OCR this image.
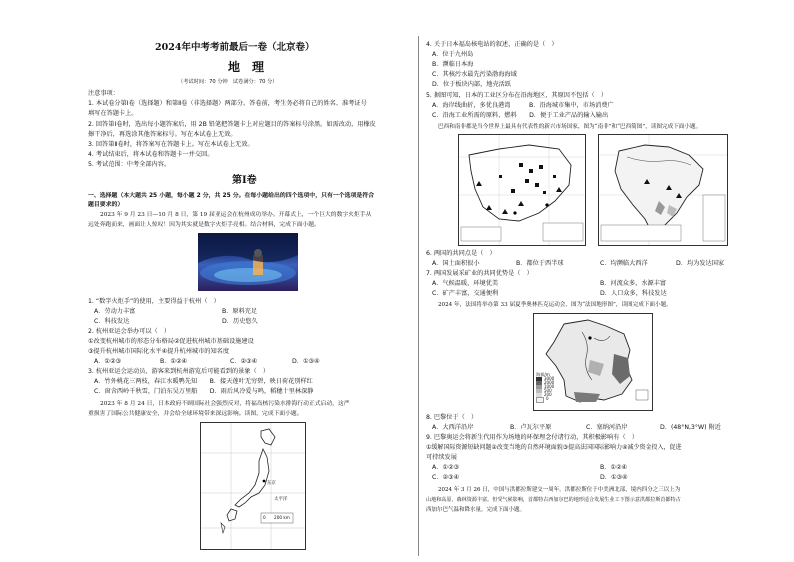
2024年中考考前最后一卷（北京卷）
地　理
（考试时间：70 分钟　试卷满分：70 分）
注意事项：
1. 本试卷分第Ⅰ卷（选择题）和第Ⅱ卷（非选择题）两部分。答卷前，考生务必将自己的姓名、准考证号
填写在答题卡上。
2. 回答第Ⅰ卷时，选出每小题答案后，用 2B 铅笔把答题卡上对应题目的答案标号涂黑。如需改动，用橡皮
擦干净后，再选涂其他答案标号。写在本试卷上无效。
3. 回答第Ⅱ卷时，将答案写在答题卡上。写在本试卷上无效。
4. 考试结束后，将本试卷和答题卡一并交回。
5. 考试范围：中考全部内容。
第Ⅰ卷
一、选择题（本大题共 25 小题，每小题 2 分，共 25 分。在每小题给出的四个选项中，只有一个选项是符合
题目要求的）
2023 年 9 月 23 日—10 月 8 日，第 19 届亚运会在杭州成功举办。开幕式上，一个巨大的数字火炬手从
远处奔跑而来，画面让人惊叹！因为其实就是数字火炬手亮相。结合材料，完成下面小题。
1. “数字火炬手”的使用，主要得益于杭州（　）
A．劳动力丰富	B．原料充足
C．科技发达	D．历史悠久
2. 杭州亚运会举办可以（　）
①改变杭州城市的形态分布格局②促进杭州城市基础设施建设
③提升杭州城市国际化水平④提升杭州城市的知名度
A．①②③	B．①②④	C．②③④	D．①③④
3. 杭州亚运会运动员、游客来到杭州游览后可能看到的景象（　）
A．竹外桃花三两枝，春江水暖鸭先知　　B．接天莲叶无穷碧，映日荷花别样红
C．窗含西岭千秋雪，门泊东吴万里船　　D．雨后风冷爱与鸣，稻穗十里林深静
2023 年 8 月 24 日，日本政府不顾国际社会强烈反对，将福岛核污染水排海行动正式启动，这严
重损害了国际公共健康安全，并会给全球环境带来深远影响。读图，完成下面小题。
东京
太平洋
0　　200 km
4. 关于日本福岛核电站的叙述，正确的是（　）
A．位于九州岛
B．濒临日本海
C．其核污水最先污染渤海海域
D．位于板块内部，地壳活跃
5. 据图可知，日本的工业区分布在沿海地区，其原因不包括（　）
A．海岸线曲折，多优良港湾　　　B．沿海城市集中，市场消费广
C．沿海工业所需的原料、燃料　　D．便于工业产品的输入输出
巴西和南非都是当今世界上最具有代表性的新兴市场国家，图为“南非”和“巴西简图”，读图完成下面小题。
6. 两国的共同点是（　）
A．国土面积很小	B．都位于西半球	C．均濒临大西洋	D．均为发达国家
7. 两国发展采矿业的共同优势是（　）
A．气候温暖，环境优美	B．河流众多，水源丰富
C．矿产丰富，交通便利	D．人口众多，科技发达
2024 年，法国将举办第 33 届夏季奥林匹克运动会，图为“法国地形图”，读图完成下面小题。
海拔/m
3000
2000
1000
500
200
0
8. 巴黎位于（　）
A．大西洋沿岸	B．卢瓦尔平原	C．塞纳河沿岸	D．(48°N,3°W) 附近
9. 巴黎奥运会将新生代用作为场地的环保理念付诸行动，其积极影响有（　）
①缓解国际资源短缺问题②改变当地的自然环境面貌③提高法国国际影响力④减少资金投入，促进
可持续发展
A．①②③	B．①②④
C．②③④	D．①③④
2024 年 3 月 26 日，中国与洪都拉斯建交一周年。洪都拉斯位于中美洲北部，境内四分之三以上为
山地和高原，森林资源丰富。但受气候影响，首都特古西加尔巴的地形适合发展生业工下图示意洪都拉斯首都特古
西加尔巴气温和降水量。完成下面小题。
